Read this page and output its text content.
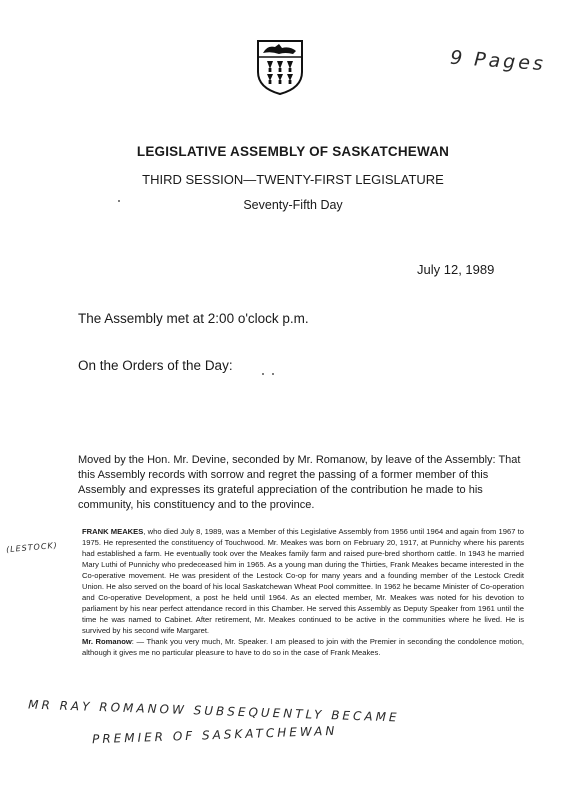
9 Pages
LEGISLATIVE ASSEMBLY OF SASKATCHEWAN
THIRD SESSION—TWENTY-FIRST LEGISLATURE
Seventy-Fifth Day
July 12, 1989
The Assembly met at 2:00 o'clock p.m.
On the Orders of the Day:
Moved by the Hon. Mr. Devine, seconded by Mr. Romanow, by leave of the Assembly: That this Assembly records with sorrow and regret the passing of a former member of this Assembly and expresses its grateful appreciation of the contribution he made to his community, his constituency and to the province.
(LESTOCK)
FRANK MEAKES, who died July 8, 1989, was a Member of this Legislative Assembly from 1956 until 1964 and again from 1967 to 1975. He represented the constituency of Touchwood. Mr. Meakes was born on February 20, 1917, at Punnichy where his parents had established a farm. He eventually took over the Meakes family farm and raised pure-bred shorthorn cattle. In 1943 he married Mary Luthi of Punnichy who predeceased him in 1965. As a young man during the Thirties, Frank Meakes became interested in the Co-operative movement. He was president of the Lestock Co-op for many years and a founding member of the Lestock Credit Union. He also served on the board of his local Saskatchewan Wheat Pool committee. In 1962 he became Minister of Co-operation and Co-operative Development, a post he held until 1964. As an elected member, Mr. Meakes was noted for his devotion to parliament by his near perfect attendance record in this Chamber. He served this Assembly as Deputy Speaker from 1961 until the time he was named to Cabinet. After retirement, Mr. Meakes continued to be active in the communities where he lived. He is survived by his second wife Margaret.
Mr. Romanow: — Thank you very much, Mr. Speaker. I am pleased to join with the Premier in seconding the condolence motion, although it gives me no particular pleasure to have to do so in the case of Frank Meakes.
MR RAY ROMANOW SUBSEQUENTLY BECAME
PREMIER OF SASKATCHEWAN
